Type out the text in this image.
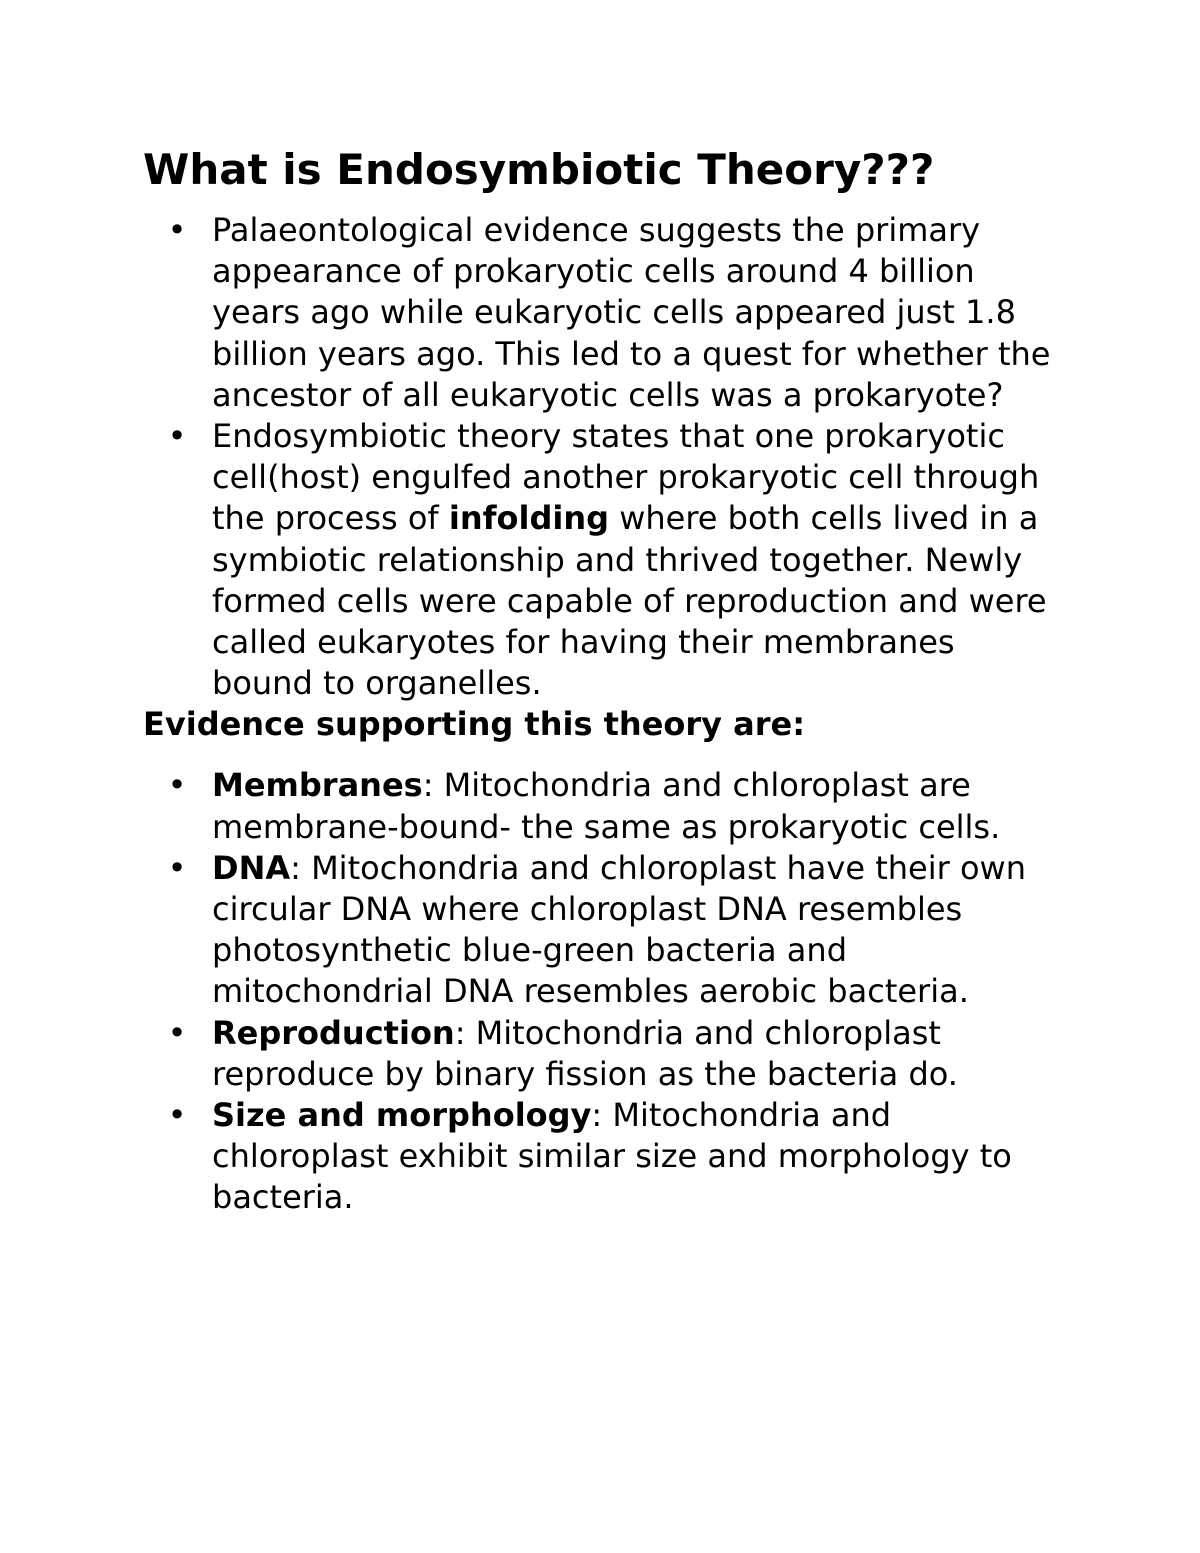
What is Endosymbiotic Theory???
• Palaeontological evidence suggests the primary appearance of prokaryotic cells around 4 billion years ago while eukaryotic cells appeared just 1.8 billion years ago. This led to a quest for whether the ancestor of all eukaryotic cells was a prokaryote?
• Endosymbiotic theory states that one prokaryotic cell(host) engulfed another prokaryotic cell through the process of infolding where both cells lived in a symbiotic relationship and thrived together. Newly formed cells were capable of reproduction and were called eukaryotes for having their membranes bound to organelles.
Evidence supporting this theory are:
• Membranes: Mitochondria and chloroplast are membrane-bound- the same as prokaryotic cells.
• DNA: Mitochondria and chloroplast have their own circular DNA where chloroplast DNA resembles photosynthetic blue-green bacteria and mitochondrial DNA resembles aerobic bacteria.
• Reproduction: Mitochondria and chloroplast reproduce by binary fission as the bacteria do.
• Size and morphology: Mitochondria and chloroplast exhibit similar size and morphology to bacteria.
